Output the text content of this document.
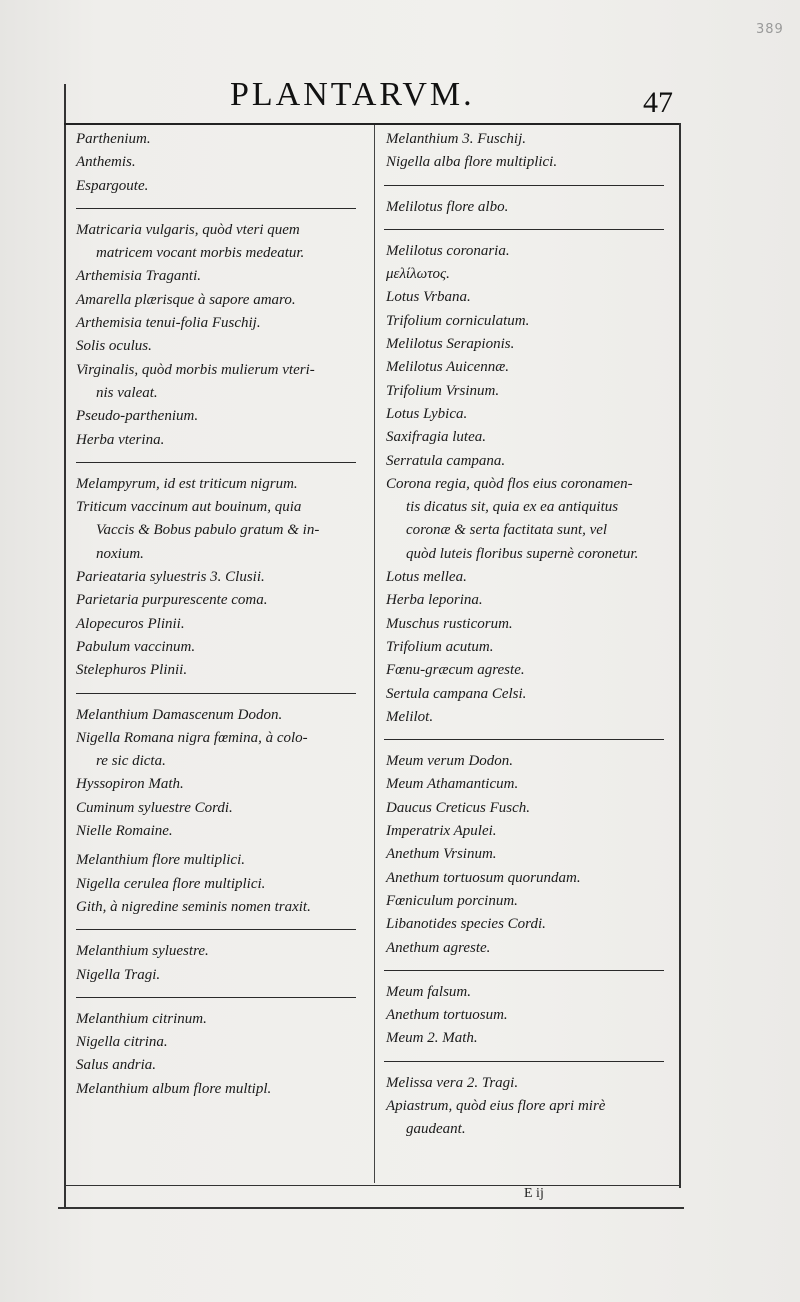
389
PLANTARVM.	47
Parthenium.
Anthemis.
Espargoute.
Matricaria vulgaris, quòd vteri quem
matricem vocant morbis medeatur.
Arthemisia Traganti.
Amarella plærisque à sapore amaro.
Arthemisia tenui-folia Fuschij.
Solis oculus.
Virginalis, quòd morbis mulierum vteri-
nis valeat.
Pseudo-parthenium.
Herba vterina.
Melampyrum, id est triticum nigrum.
Triticum vaccinum aut bouinum, quia
Vaccis & Bobus pabulo gratum & in-
noxium.
Parieataria syluestris 3. Clusii.
Parietaria purpurescente coma.
Alopecuros Plinii.
Pabulum vaccinum.
Stelephuros Plinii.
Melanthium Damascenum Dodon.
Nigella Romana nigra fœmina, à colo-
re sic dicta.
Hyssopiron Math.
Cuminum syluestre Cordi.
Nielle Romaine.
Melanthium flore multiplici.
Nigella cerulea flore multiplici.
Gith, à nigredine seminis nomen traxit.
Melanthium syluestre.
Nigella Tragi.
Melanthium citrinum.
Nigella citrina.
Salus andria.
Melanthium album flore multipl.
Melanthium 3. Fuschij.
Nigella alba flore multiplici.
Melilotus flore albo.
Melilotus coronaria.
μελίλωτος.
Lotus Vrbana.
Trifolium corniculatum.
Melilotus Serapionis.
Melilotus Auicennæ.
Trifolium Vrsinum.
Lotus Lybica.
Saxifragia lutea.
Serratula campana.
Corona regia, quòd flos eius coronamen-
tis dicatus sit, quia ex ea antiquitus
coronæ & serta factitata sunt, vel
quòd luteis floribus supernè coronetur.
Lotus mellea.
Herba leporina.
Muschus rusticorum.
Trifolium acutum.
Fœnu-græcum agreste.
Sertula campana Celsi.
Melilot.
Meum verum Dodon.
Meum Athamanticum.
Daucus Creticus Fusch.
Imperatrix Apulei.
Anethum Vrsinum.
Anethum tortuosum quorundam.
Fœniculum porcinum.
Libanotides species Cordi.
Anethum agreste.
Meum falsum.
Anethum tortuosum.
Meum 2. Math.
Melissa vera 2. Tragi.
Apiastrum, quòd eius flore apri mirè
gaudeant.
E ij
